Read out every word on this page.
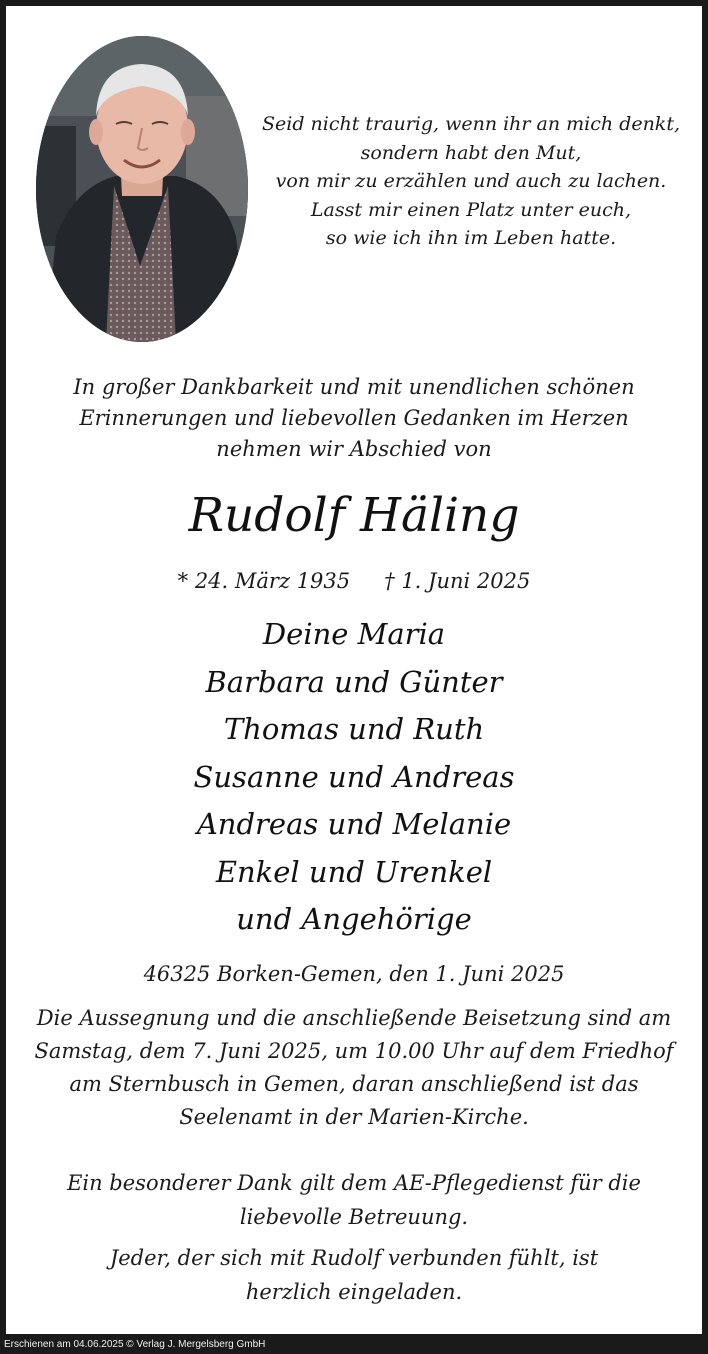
Seid nicht traurig, wenn ihr an mich denkt,
sondern habt den Mut,
von mir zu erzählen und auch zu lachen.
Lasst mir einen Platz unter euch,
so wie ich ihn im Leben hatte.
In großer Dankbarkeit und mit unendlichen schönen
Erinnerungen und liebevollen Gedanken im Herzen
nehmen wir Abschied von
Rudolf Häling
* 24. März 1935 † 1. Juni 2025
Deine Maria
Barbara und Günter
Thomas und Ruth
Susanne und Andreas
Andreas und Melanie
Enkel und Urenkel
und Angehörige
46325 Borken-Gemen, den 1. Juni 2025
Die Aussegnung und die anschließende Beisetzung sind am
Samstag, dem 7. Juni 2025, um 10.00 Uhr auf dem Friedhof
am Sternbusch in Gemen, daran anschließend ist das
Seelenamt in der Marien-Kirche.
Ein besonderer Dank gilt dem AE-Pflegedienst für die
liebevolle Betreuung.
Jeder, der sich mit Rudolf verbunden fühlt, ist
herzlich eingeladen.
Erschienen am 04.06.2025 © Verlag J. Mergelsberg GmbH
